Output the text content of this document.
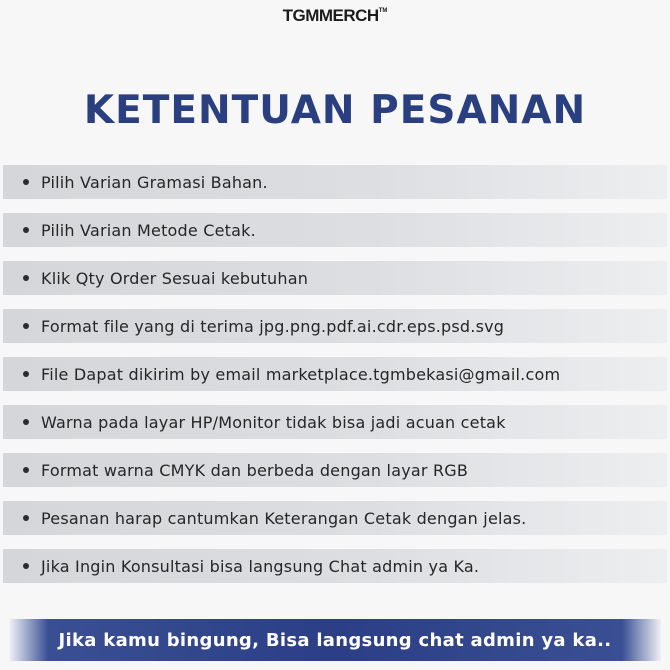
TGMMERCH™
KETENTUAN PESANAN
Pilih Varian Gramasi Bahan.
Pilih Varian Metode Cetak.
Klik Qty Order Sesuai kebutuhan
Format file yang di terima jpg.png.pdf.ai.cdr.eps.psd.svg
File Dapat dikirim by email marketplace.tgmbekasi@gmail.com
Warna pada layar HP/Monitor tidak bisa jadi acuan cetak
Format warna CMYK dan berbeda dengan layar RGB
Pesanan harap cantumkan Keterangan Cetak dengan jelas.
Jika Ingin Konsultasi bisa langsung Chat admin ya Ka.
Jika kamu bingung, Bisa langsung chat admin ya ka..
